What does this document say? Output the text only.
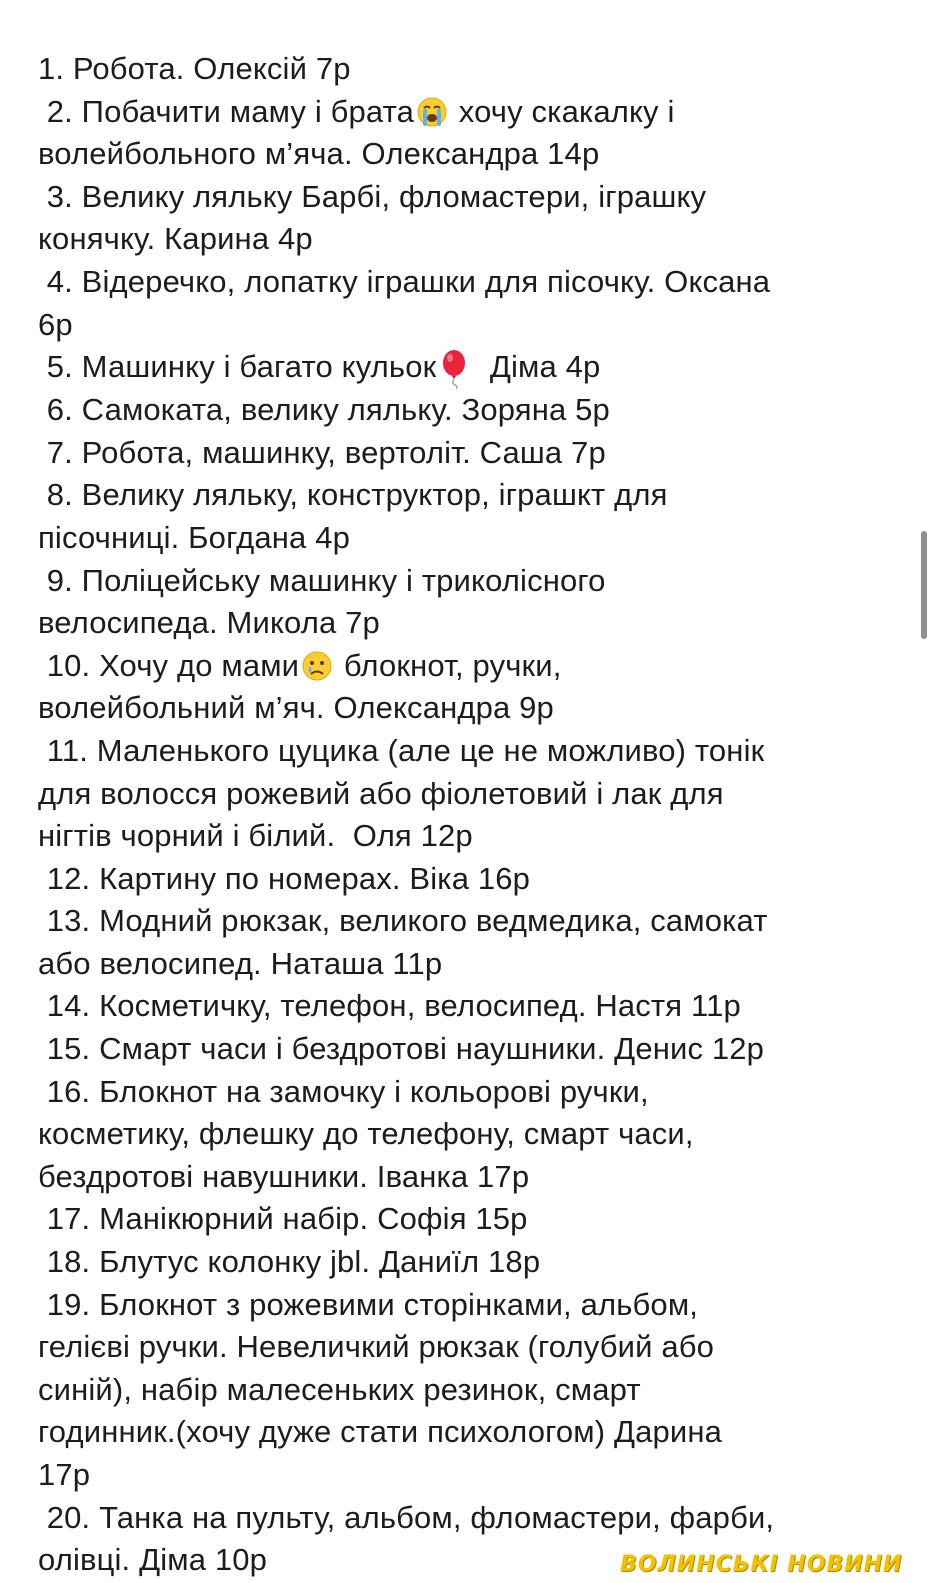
1. Робота. Олексій 7р
2. Побачити маму і брата хочу скакалку і
волейбольного м’яча. Олександра 14р
3. Велику ляльку Барбі, фломастери, іграшку
конячку. Карина 4р
4. Відеречко, лопатку іграшки для пісочку. Оксана
6р
5. Машинку і багато кульок  Діма 4р
6. Самоката, велику ляльку. Зоряна 5р
7. Робота, машинку, вертоліт. Саша 7р
8. Велику ляльку, конструктор, іграшкт для
пісочниці. Богдана 4р
9. Поліцейську машинку і триколісного
велосипеда. Микола 7р
10. Хочу до мами блокнот, ручки,
волейбольний м’яч. Олександра 9р
11. Маленького цуцика (але це не можливо) тонік
для волосся рожевий або фіолетовий і лак для
нігтів чорний і білий.  Оля 12р
12. Картину по номерах. Віка 16р
13. Модний рюкзак, великого ведмедика, самокат
або велосипед. Наташа 11р
14. Косметичку, телефон, велосипед. Настя 11р
15. Смарт часи і бездротові наушники. Денис 12р
16. Блокнот на замочку і кольорові ручки,
косметику, флешку до телефону, смарт часи,
бездротові навушники. Іванка 17р
17. Манікюрний набір. Софія 15р
18. Блутус колонку jbl. Даниїл 18р
19. Блокнот з рожевими сторінками, альбом,
гелієві ручки. Невеличкий рюкзак (голубий або
синій), набір малесеньких резинок, смарт
годинник.(хочу дуже стати психологом) Дарина
17р
20. Танка на пульту, альбом, фломастери, фарби,
олівці. Діма 10р	ВОЛИНСЬКІ НОВИНИ
